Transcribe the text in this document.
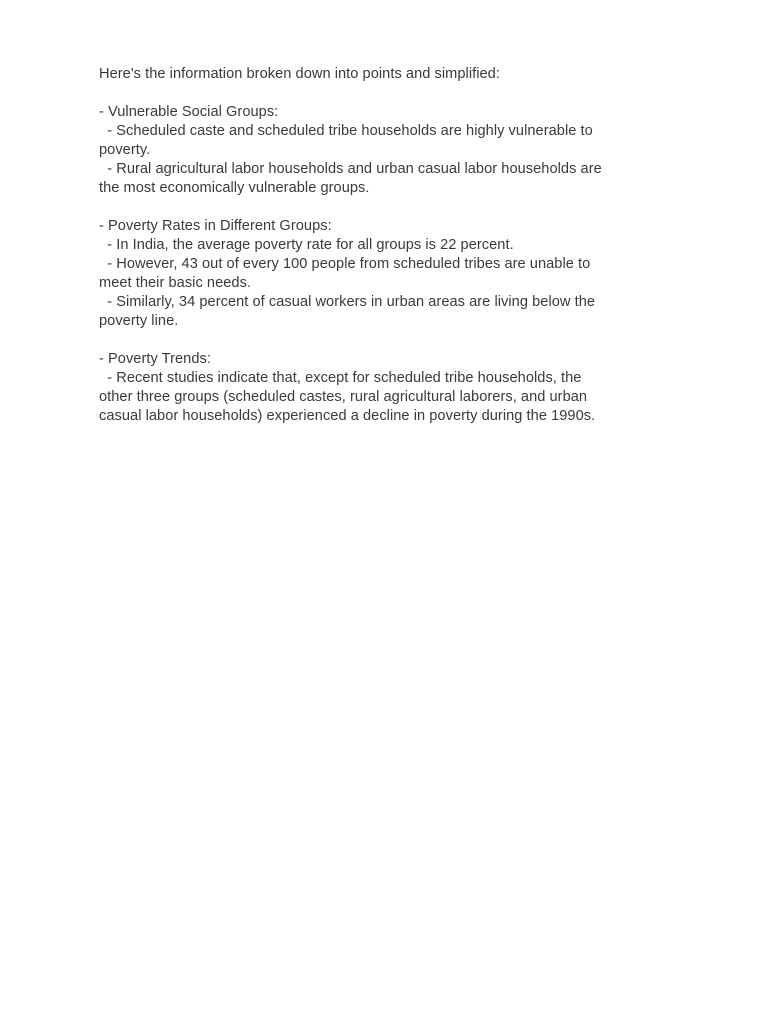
Here's the information broken down into points and simplified:
- Vulnerable Social Groups:
- Scheduled caste and scheduled tribe households are highly vulnerable to
poverty.
- Rural agricultural labor households and urban casual labor households are
the most economically vulnerable groups.
- Poverty Rates in Different Groups:
- In India, the average poverty rate for all groups is 22 percent.
- However, 43 out of every 100 people from scheduled tribes are unable to
meet their basic needs.
- Similarly, 34 percent of casual workers in urban areas are living below the
poverty line.
- Poverty Trends:
- Recent studies indicate that, except for scheduled tribe households, the
other three groups (scheduled castes, rural agricultural laborers, and urban
casual labor households) experienced a decline in poverty during the 1990s.
